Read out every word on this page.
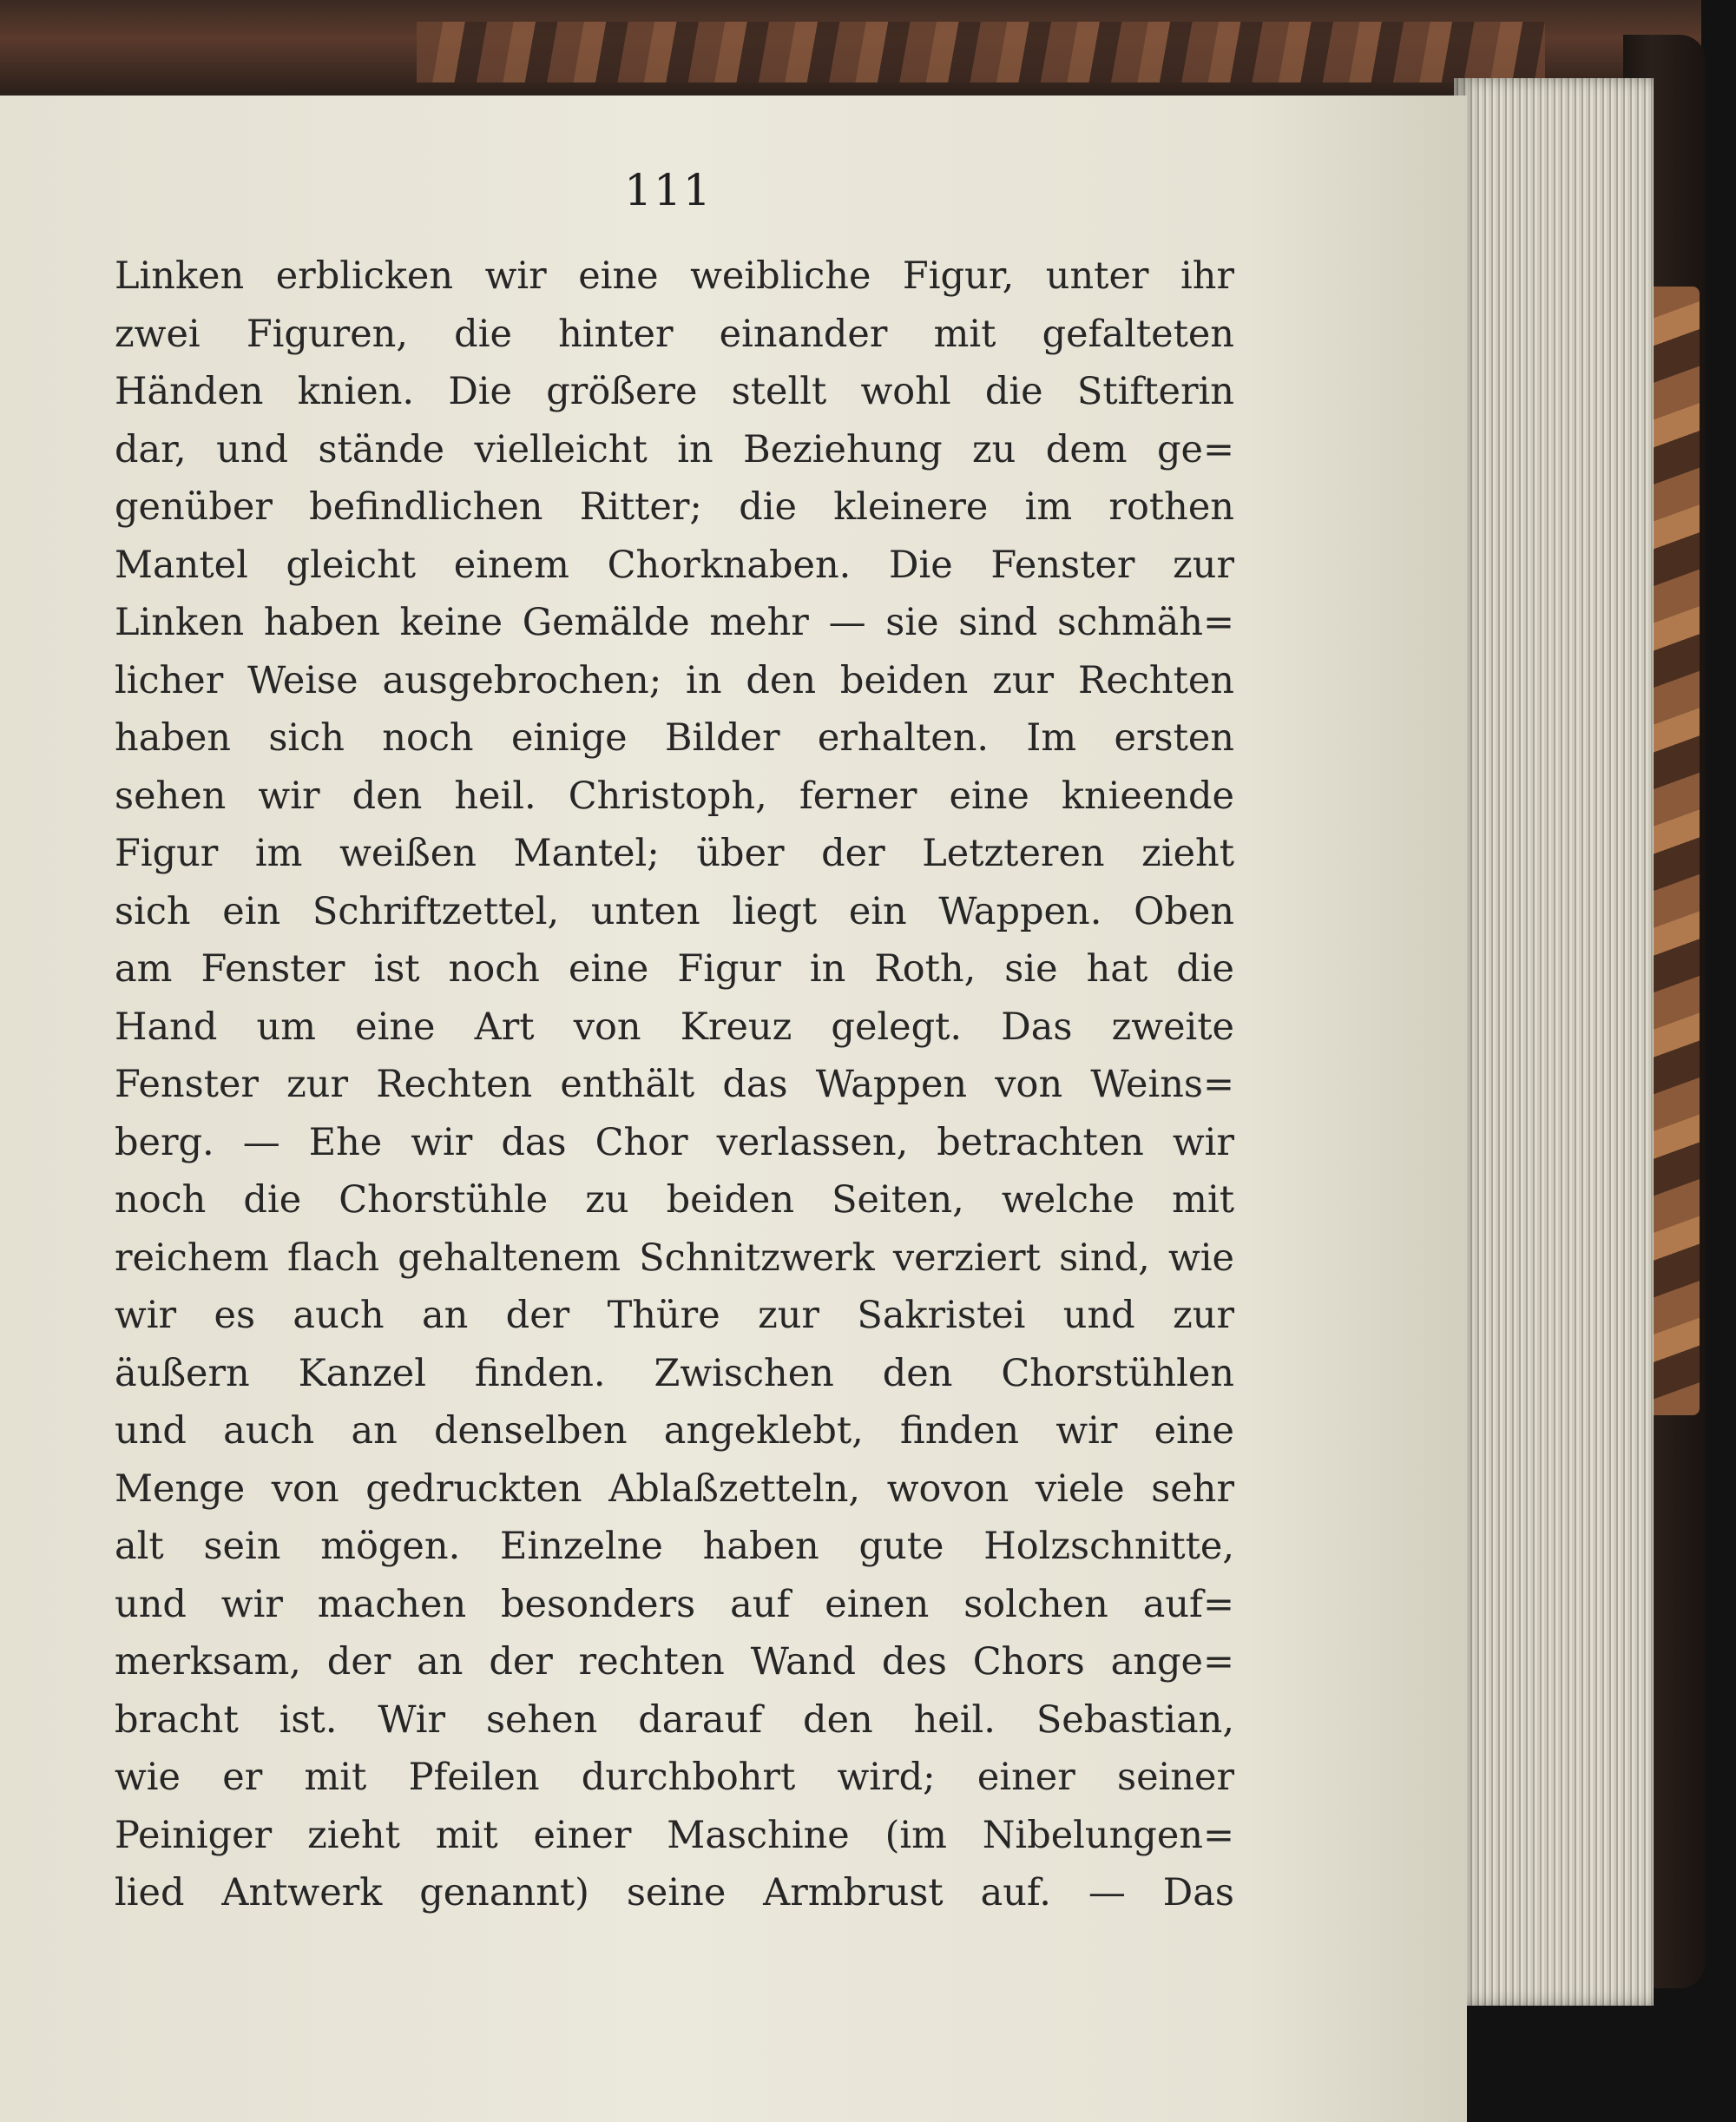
111
Linken erblicken wir eine weibliche Figur, unter ihr
zwei Figuren, die hinter einander mit gefalteten
Händen knien. Die größere stellt wohl die Stifterin
dar, und stände vielleicht in Beziehung zu dem ge=
genüber befindlichen Ritter; die kleinere im rothen
Mantel gleicht einem Chorknaben. Die Fenster zur
Linken haben keine Gemälde mehr — sie sind schmäh=
licher Weise ausgebrochen; in den beiden zur Rechten
haben sich noch einige Bilder erhalten. Im ersten
sehen wir den heil. Christoph, ferner eine knieende
Figur im weißen Mantel; über der Letzteren zieht
sich ein Schriftzettel, unten liegt ein Wappen. Oben
am Fenster ist noch eine Figur in Roth, sie hat die
Hand um eine Art von Kreuz gelegt. Das zweite
Fenster zur Rechten enthält das Wappen von Weins=
berg. — Ehe wir das Chor verlassen, betrachten wir
noch die Chorstühle zu beiden Seiten, welche mit
reichem flach gehaltenem Schnitzwerk verziert sind, wie
wir es auch an der Thüre zur Sakristei und zur
äußern Kanzel finden. Zwischen den Chorstühlen
und auch an denselben angeklebt, finden wir eine
Menge von gedruckten Ablaßzetteln, wovon viele sehr
alt sein mögen. Einzelne haben gute Holzschnitte,
und wir machen besonders auf einen solchen auf=
merksam, der an der rechten Wand des Chors ange=
bracht ist. Wir sehen darauf den heil. Sebastian,
wie er mit Pfeilen durchbohrt wird; einer seiner
Peiniger zieht mit einer Maschine (im Nibelungen=
lied Antwerk genannt) seine Armbrust auf. — Das
